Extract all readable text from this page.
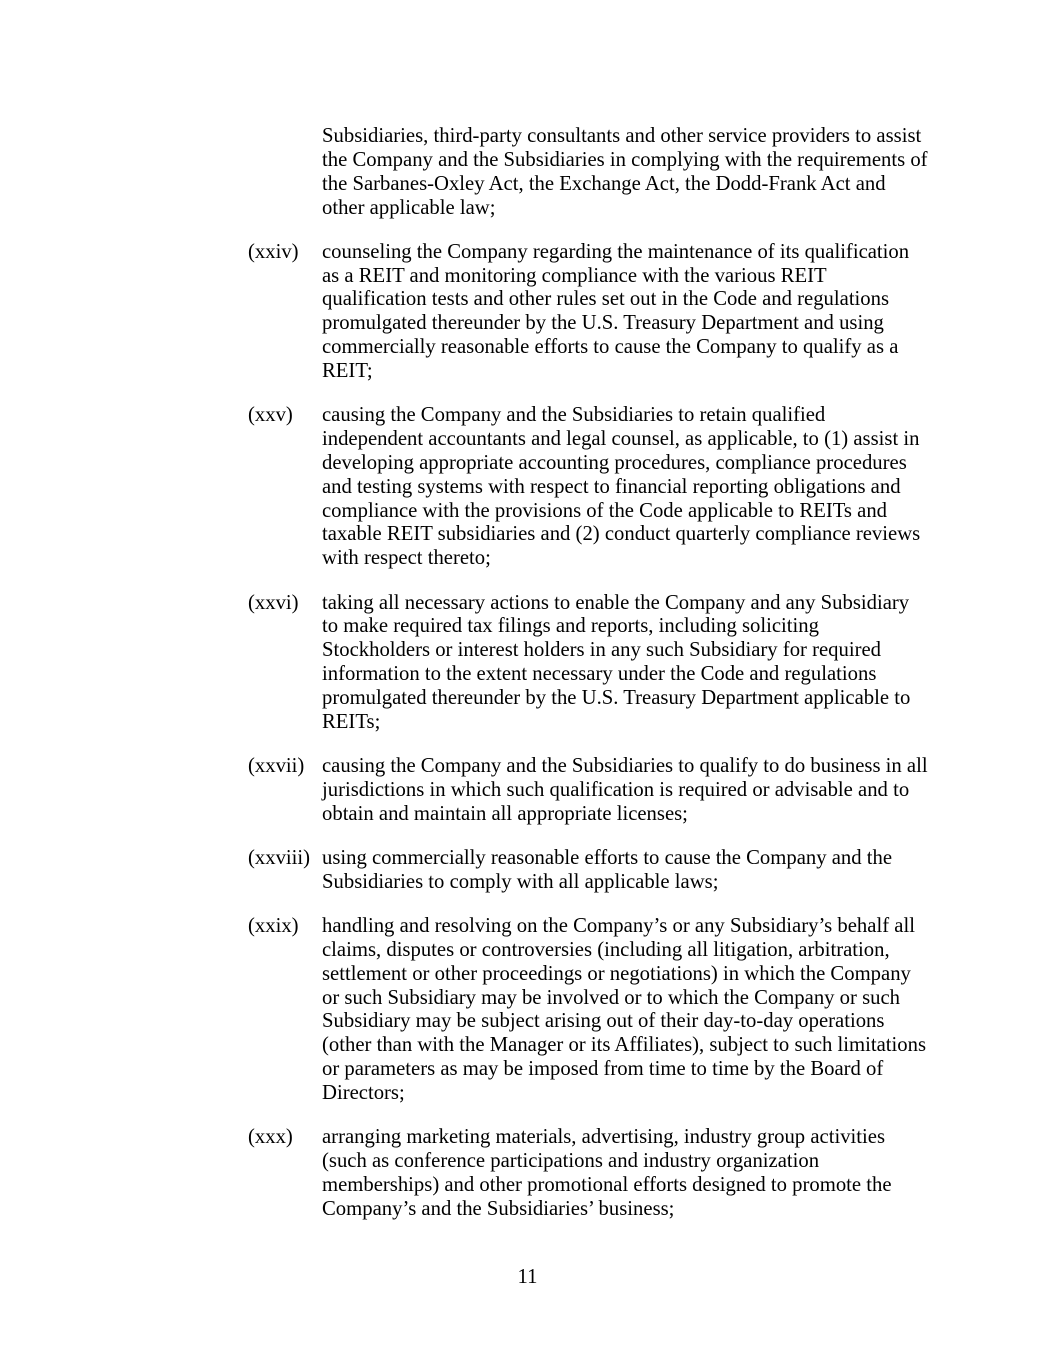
Subsidiaries, third-party consultants and other service providers to assist
the Company and the Subsidiaries in complying with the requirements of
the Sarbanes-Oxley Act, the Exchange Act, the Dodd-Frank Act and
other applicable law;
(xxiv) counseling the Company regarding the maintenance of its qualification
as a REIT and monitoring compliance with the various REIT
qualification tests and other rules set out in the Code and regulations
promulgated thereunder by the U.S. Treasury Department and using
commercially reasonable efforts to cause the Company to qualify as a
REIT;
(xxv) causing the Company and the Subsidiaries to retain qualified
independent accountants and legal counsel, as applicable, to (1) assist in
developing appropriate accounting procedures, compliance procedures
and testing systems with respect to financial reporting obligations and
compliance with the provisions of the Code applicable to REITs and
taxable REIT subsidiaries and (2) conduct quarterly compliance reviews
with respect thereto;
(xxvi) taking all necessary actions to enable the Company and any Subsidiary
to make required tax filings and reports, including soliciting
Stockholders or interest holders in any such Subsidiary for required
information to the extent necessary under the Code and regulations
promulgated thereunder by the U.S. Treasury Department applicable to
REITs;
(xxvii) causing the Company and the Subsidiaries to qualify to do business in all
jurisdictions in which such qualification is required or advisable and to
obtain and maintain all appropriate licenses;
(xxviii) using commercially reasonable efforts to cause the Company and the
Subsidiaries to comply with all applicable laws;
(xxix) handling and resolving on the Company’s or any Subsidiary’s behalf all
claims, disputes or controversies (including all litigation, arbitration,
settlement or other proceedings or negotiations) in which the Company
or such Subsidiary may be involved or to which the Company or such
Subsidiary may be subject arising out of their day-to-day operations
(other than with the Manager or its Affiliates), subject to such limitations
or parameters as may be imposed from time to time by the Board of
Directors;
(xxx) arranging marketing materials, advertising, industry group activities
(such as conference participations and industry organization
memberships) and other promotional efforts designed to promote the
Company’s and the Subsidiaries’ business;
11
